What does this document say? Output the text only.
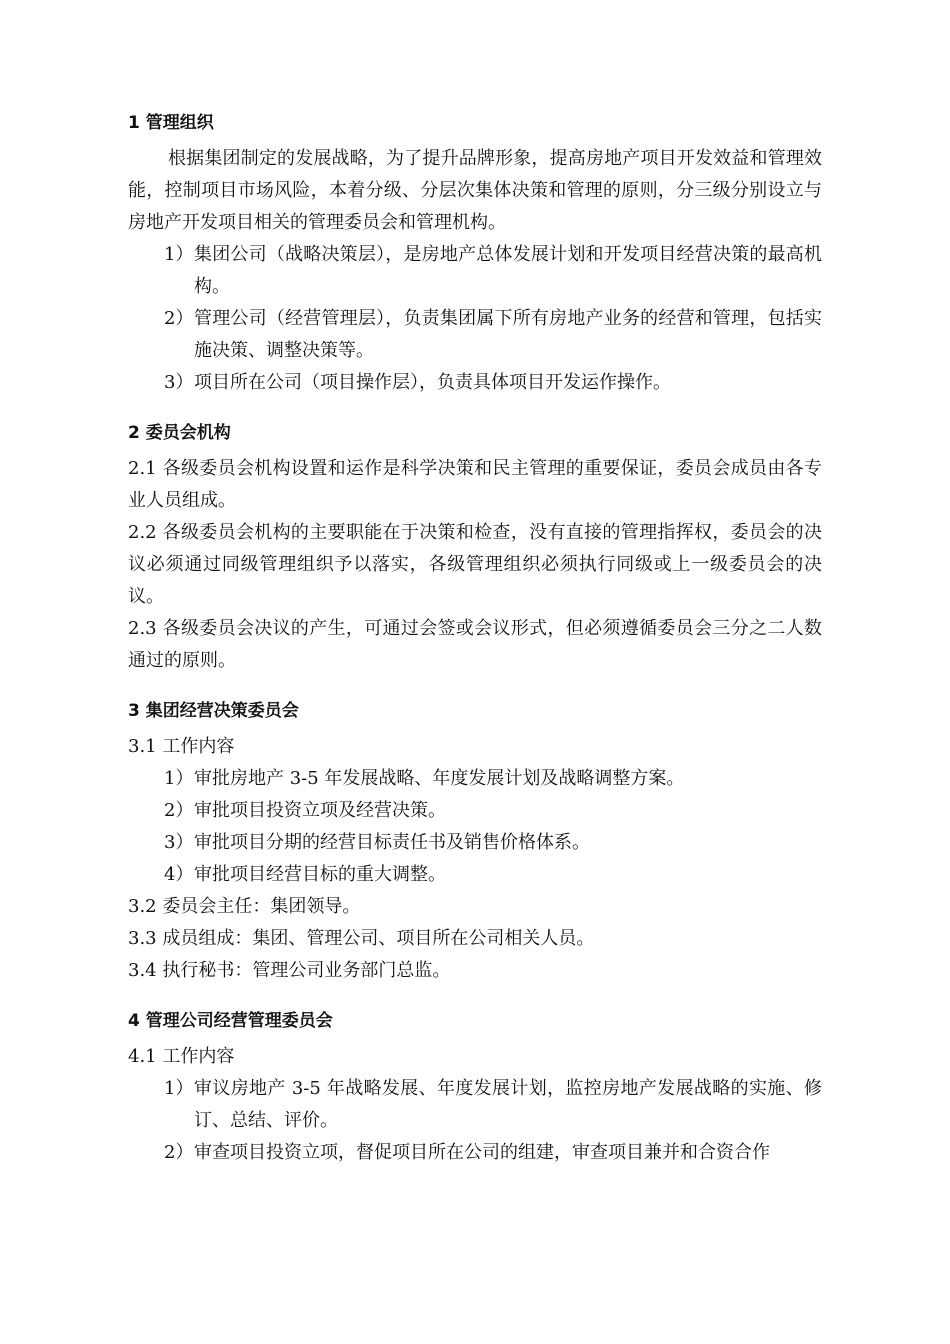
1 管理组织

根据集团制定的发展战略，为了提升品牌形象，提高房地产项目开发效益和管理效能，控制项目市场风险，本着分级、分层次集体决策和管理的原则，分三级分别设立与房地产开发项目相关的管理委员会和管理机构。

1） 集团公司（战略决策层），是房地产总体发展计划和开发项目经营决策的最高机构。
2） 管理公司（经营管理层），负责集团属下所有房地产业务的经营和管理，包括实施决策、调整决策等。
3） 项目所在公司（项目操作层），负责具体项目开发运作操作。
2 委员会机构

2.1 各级委员会机构设置和运作是科学决策和民主管理的重要保证，委员会成员由各专业人员组成。

2.2 各级委员会机构的主要职能在于决策和检查，没有直接的管理指挥权，委员会的决议必须通过同级管理组织予以落实，各级管理组织必须执行同级或上一级委员会的决议。

2.3 各级委员会决议的产生，可通过会签或会议形式，但必须遵循委员会三分之二人数通过的原则。

3 集团经营决策委员会

3.1 工作内容

1） 审批房地产 3-5 年发展战略、年度发展计划及战略调整方案。
2） 审批项目投资立项及经营决策。
3） 审批项目分期的经营目标责任书及销售价格体系。
4） 审批项目经营目标的重大调整。

3.2 委员会主任：集团领导。

3.3 成员组成：集团、管理公司、项目所在公司相关人员。

3.4 执行秘书：管理公司业务部门总监。

4 管理公司经营管理委员会

4.1 工作内容

1） 审议房地产 3-5 年战略发展、年度发展计划，监控房地产发展战略的实施、修订、总结、评价。
2） 审查项目投资立项，督促项目所在公司的组建，审查项目兼并和合资合作
